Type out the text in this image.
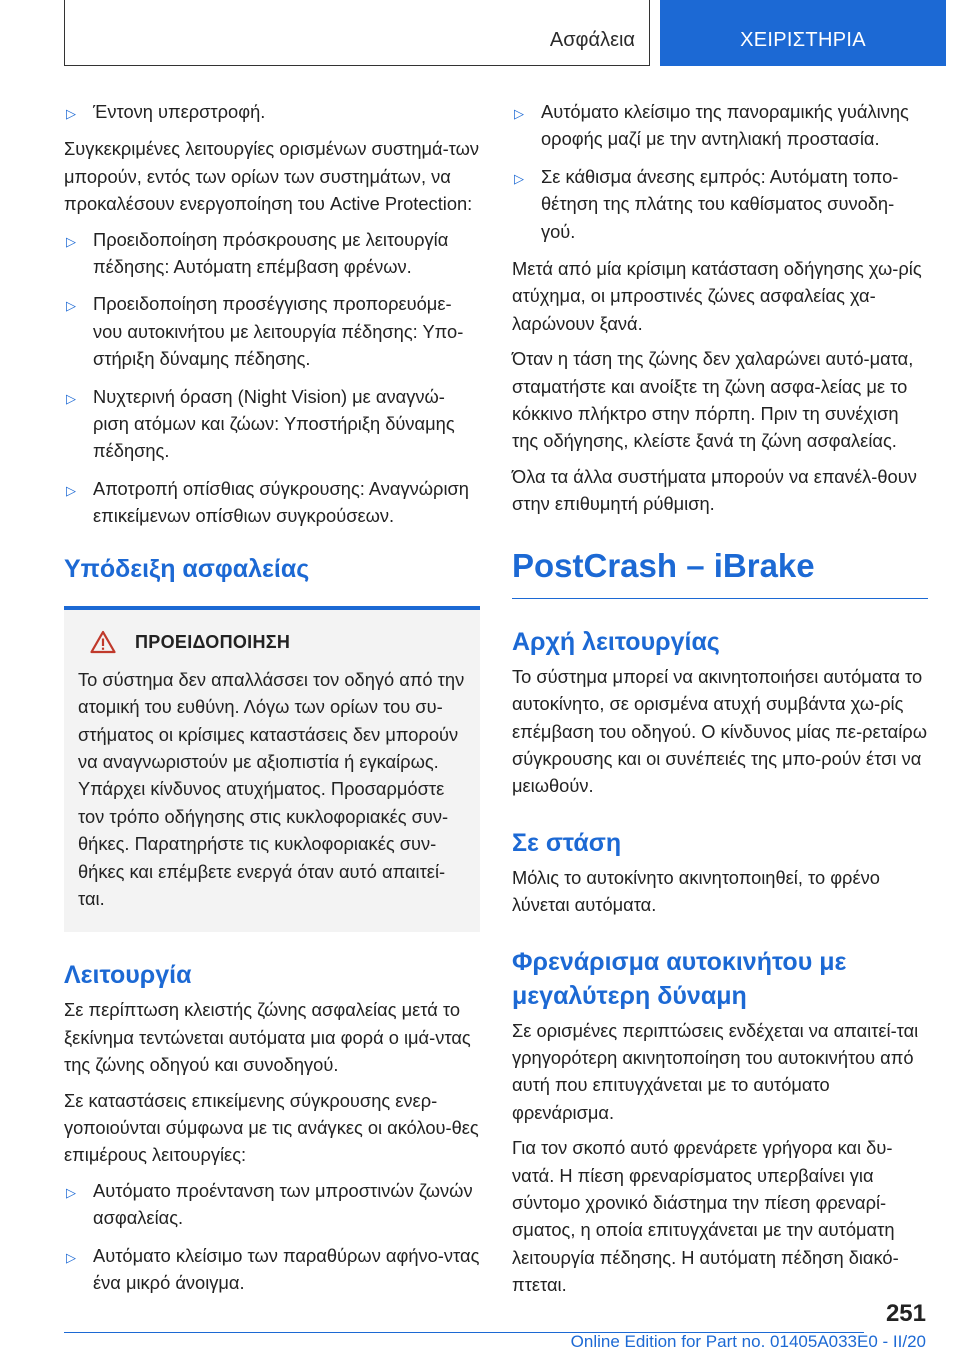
Ασφάλεια	ΧΕΙΡΙΣΤΗΡΙΑ
▷ Έντονη υπερστροφή.

Συγκεκριμένες λειτουργίες ορισμένων συστημά-των μπορούν, εντός των ορίων των συστημάτων, να προκαλέσουν ενεργοποίηση του Active Protection:

▷ Προειδοποίηση πρόσκρουσης με λειτουργία πέδησης: Αυτόματη επέμβαση φρένων.
▷ Προειδοποίηση προσέγγισης προπορευόμε-νου αυτοκινήτου με λειτουργία πέδησης: Υπο-στήριξη δύναμης πέδησης.
▷ Νυχτερινή όραση (Night Vision) με αναγνώ-ριση ατόμων και ζώων: Υποστήριξη δύναμης πέδησης.
▷ Αποτροπή οπίσθιας σύγκρουσης: Αναγνώριση επικείμενων οπίσθιων συγκρούσεων.
Υπόδειξη ασφαλείας
ΠΡΟΕΙΔΟΠΟΙΗΣΗ
Το σύστημα δεν απαλλάσσει τον οδηγό από την ατομική του ευθύνη. Λόγω των ορίων του συ-στήματος οι κρίσιμες καταστάσεις δεν μπορούν να αναγνωριστούν με αξιοπιστία ή εγκαίρως. Υπάρχει κίνδυνος ατυχήματος. Προσαρμόστε τον τρόπο οδήγησης στις κυκλοφοριακές συν-θήκες. Παρατηρήστε τις κυκλοφοριακές συν-θήκες και επέμβετε ενεργά όταν αυτό απαιτεί-ται.
Λειτουργία

Σε περίπτωση κλειστής ζώνης ασφαλείας μετά το ξεκίνημα τεντώνεται αυτόματα μια φορά ο ιμά-ντας της ζώνης οδηγού και συνοδηγού.

Σε καταστάσεις επικείμενης σύγκρουσης ενερ-γοποιούνται σύμφωνα με τις ανάγκες οι ακόλου-θες επιμέρους λειτουργίες:

▷ Αυτόματο προέντανση των μπροστινών ζωνών ασφαλείας.
▷ Αυτόματο κλείσιμο των παραθύρων αφήνο-ντας ένα μικρό άνοιγμα.
▷ Αυτόματο κλείσιμο της πανοραμικής γυάλινης οροφής μαζί με την αντηλιακή προστασία.
▷ Σε κάθισμα άνεσης εμπρός: Αυτόματη τοπο-θέτηση της πλάτης του καθίσματος συνοδη-γού.

Μετά από μία κρίσιμη κατάσταση οδήγησης χω-ρίς ατύχημα, οι μπροστινές ζώνες ασφαλείας χα-λαρώνουν ξανά.

Όταν η τάση της ζώνης δεν χαλαρώνει αυτό-ματα, σταματήστε και ανοίξτε τη ζώνη ασφα-λείας με το κόκκινο πλήκτρο στην πόρπη. Πριν τη συνέχιση της οδήγησης, κλείστε ξανά τη ζώνη ασφαλείας.

Όλα τα άλλα συστήματα μπορούν να επανέλ-θουν στην επιθυμητή ρύθμιση.

PostCrash – iBrake
Αρχή λειτουργίας

Το σύστημα μπορεί να ακινητοποιήσει αυτόματα το αυτοκίνητο, σε ορισμένα ατυχή συμβάντα χω-ρίς επέμβαση του οδηγού. Ο κίνδυνος μίας πε-ρεταίρω σύγκρουσης και οι συνέπειές της μπο-ρούν έτσι να μειωθούν.

Σε στάση

Μόλις το αυτοκίνητο ακινητοποιηθεί, το φρένο λύνεται αυτόματα.

Φρενάρισμα αυτοκινήτου με μεγαλύτερη δύναμη

Σε ορισμένες περιπτώσεις ενδέχεται να απαιτεί-ται γρηγορότερη ακινητοποίηση του αυτοκινήτου από αυτή που επιτυγχάνεται με το αυτόματο φρενάρισμα.

Για τον σκοπό αυτό φρενάρετε γρήγορα και δυ-νατά. Η πίεση φρεναρίσματος υπερβαίνει για σύντομο χρονικό διάστημα την πίεση φρεναρί-σματος, η οποία επιτυγχάνεται με την αυτόματη λειτουργία πέδησης. Η αυτόματη πέδηση διακό-πτεται.

251
Online Edition for Part no. 01405A033E0 - II/20
